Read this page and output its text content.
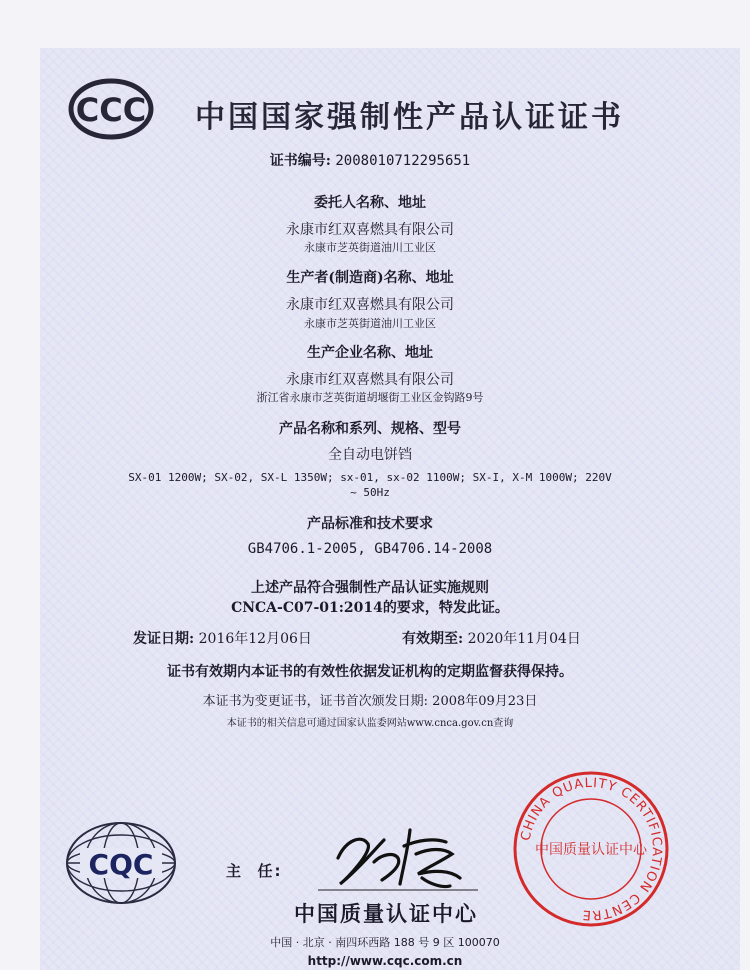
CCC 中国国家强制性产品认证证书
证书编号: 2008010712295651
委托人名称、地址
永康市红双喜燃具有限公司
永康市芝英街道油川工业区
生产者(制造商)名称、地址
永康市红双喜燃具有限公司
永康市芝英街道油川工业区
生产企业名称、地址
永康市红双喜燃具有限公司
浙江省永康市芝英街道胡堰街工业区金钩路9号
产品名称和系列、规格、型号
全自动电饼铛
SX-01 1200W; SX-02, SX-L 1350W; sx-01, sx-02 1100W; SX-I, X-M 1000W; 220V
~ 50Hz
产品标准和技术要求
GB4706.1-2005, GB4706.14-2008
上述产品符合强制性产品认证实施规则
CNCA-C07-01:2014的要求，特发此证。
发证日期: 2016年12月06日	有效期至: 2020年11月04日
证书有效期内本证书的有效性依据发证机构的定期监督获得保持。
本证书为变更证书，证书首次颁发日期: 2008年09月23日
本证书的相关信息可通过国家认监委网站www.cnca.gov.cn查询
CQC	主  任:
中国质量认证中心
中国 · 北京 · 南四环西路 188 号 9 区 100070
http://www.cqc.com.cn
CHINA QUALITY CERTIFICATION CENTRE
中国质量认证中心
